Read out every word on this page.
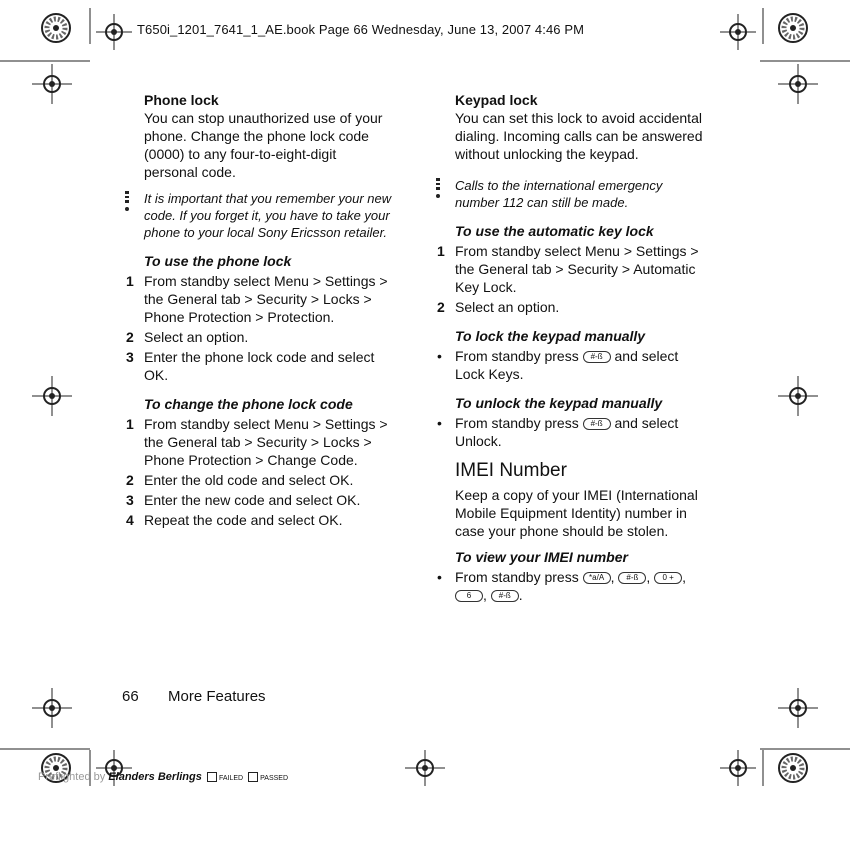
T650i_1201_7641_1_AE.book Page 66 Wednesday, June 13, 2007 4:46 PM
Phone lock
You can stop unauthorized use of your phone. Change the phone lock code (0000) to any four-to-eight-digit personal code.
It is important that you remember your new code. If you forget it, you have to take your phone to your local Sony Ericsson retailer.
To use the phone lock
1 From standby select Menu > Settings > the General tab > Security > Locks > Phone Protection > Protection.
2 Select an option.
3 Enter the phone lock code and select OK.
To change the phone lock code
1 From standby select Menu > Settings > the General tab > Security > Locks > Phone Protection > Change Code.
2 Enter the old code and select OK.
3 Enter the new code and select OK.
4 Repeat the code and select OK.
Keypad lock
You can set this lock to avoid accidental dialing. Incoming calls can be answered without unlocking the keypad.
Calls to the international emergency number 112 can still be made.
To use the automatic key lock
1 From standby select Menu > Settings > the General tab > Security > Automatic Key Lock.
2 Select an option.
To lock the keypad manually
• From standby press #-ß and select Lock Keys.
To unlock the keypad manually
• From standby press #-ß and select Unlock.
IMEI Number
Keep a copy of your IMEI (International Mobile Equipment Identity) number in case your phone should be stolen.
To view your IMEI number
• From standby press *a/A , #-ß , 0 + , 6 , #-ß .
66 More Features
Preflighted by Elanders Berlings FAILED PASSED
